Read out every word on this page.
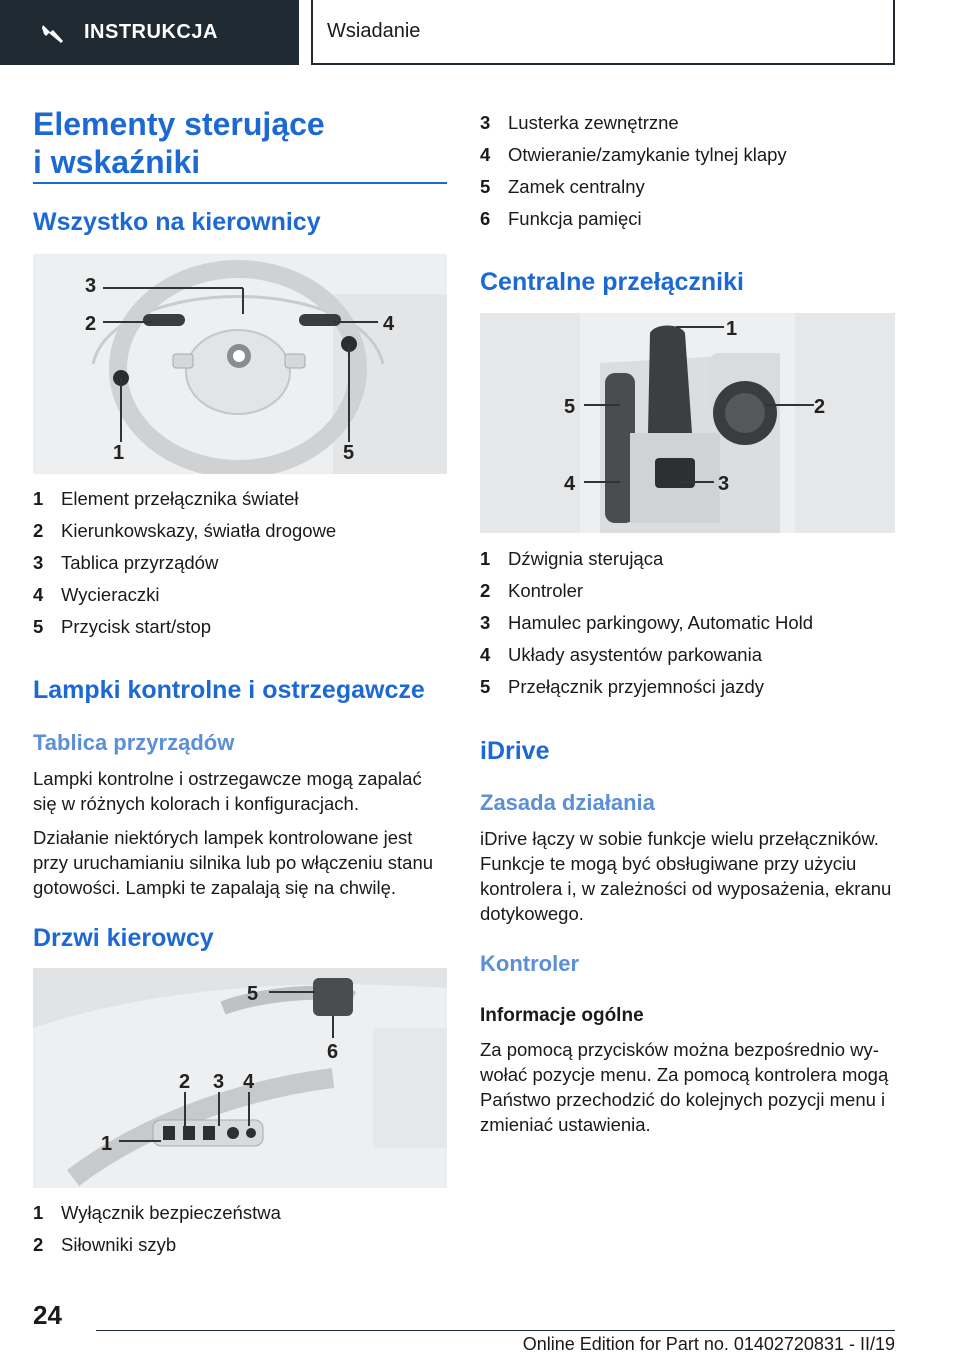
INSTRUKCJA	Wsiadanie
Elementy sterujące
i wskaźniki
Wszystko na kierownicy
3
2	4
1	5
1 Element przełącznika świateł
2 Kierunkowskazy, światła drogowe
3 Tablica przyrządów
4 Wycieraczki
5 Przycisk start/stop
Lampki kontrolne i ostrzegawcze
Tablica przyrządów

Lampki kontrolne i ostrzegawcze mogą zapalać się w różnych kolorach i konfiguracjach.

Działanie niektórych lampek kontrolowane jest przy uruchamianiu silnika lub po włączeniu stanu gotowości. Lampki te zapalają się na chwilę.

Drzwi kierowcy
1
2 3 4
5
6
1 Wyłącznik bezpieczeństwa
2 Siłowniki szyb
3 Lusterka zewnętrzne
4 Otwieranie/zamykanie tylnej klapy
5 Zamek centralny
6 Funkcja pamięci
Centralne przełączniki
1
2
5
4	3
1 Dźwignia sterująca
2 Kontroler
3 Hamulec parkingowy, Automatic Hold
4 Układy asystentów parkowania
5 Przełącznik przyjemności jazdy
iDrive
Zasada działania
iDrive łączy w sobie funkcje wielu przełączników. Funkcje te mogą być obsługiwane przy użyciu kontrolera i, w zależności od wyposażenia, ekranu dotykowego.
Kontroler
Informacje ogólne
Za pomocą przycisków można bezpośrednio wy-wołać pozycje menu. Za pomocą kontrolera mogą Państwo przechodzić do kolejnych pozycji menu i zmieniać ustawienia.
24
Online Edition for Part no. 01402720831 - II/19
